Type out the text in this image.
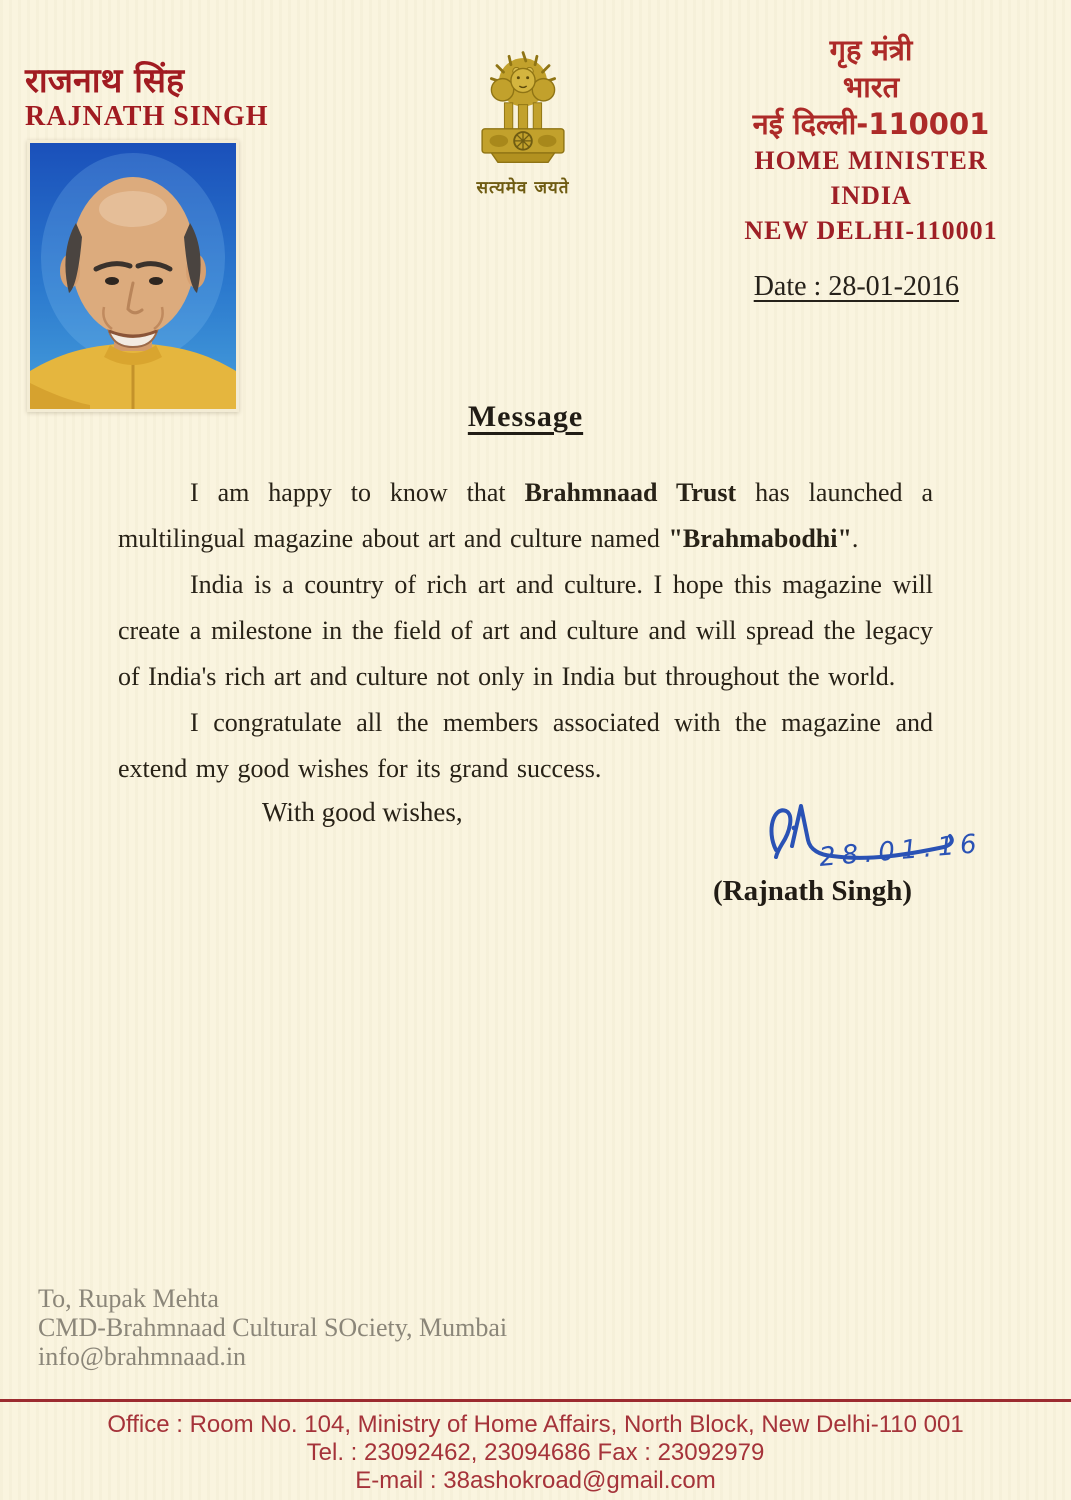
राजनाथ सिंह
RAJNATH SINGH
सत्यमेव जयते
गृह मंत्री
भारत
नई दिल्ली-110001
HOME MINISTER
INDIA
NEW DELHI-110001
Date : 28-01-2016
Message
I am happy to know that Brahmnaad Trust has launched a multilingual magazine about art and culture named "Brahmabodhi".
India is a country of rich art and culture. I hope this magazine will create a milestone in the field of art and culture and will spread the legacy of India's rich art and culture not only in India but throughout the world.
I congratulate all the members associated with the magazine and extend my good wishes for its grand success.
With good wishes,
28.01.16
(Rajnath Singh)
To, Rupak Mehta
CMD-Brahmnaad Cultural SOciety, Mumbai
info@brahmnaad.in
Office : Room No. 104, Ministry of Home Affairs, North Block, New Delhi-110 001
Tel. : 23092462, 23094686 Fax : 23092979
E-mail : 38ashokroad@gmail.com
